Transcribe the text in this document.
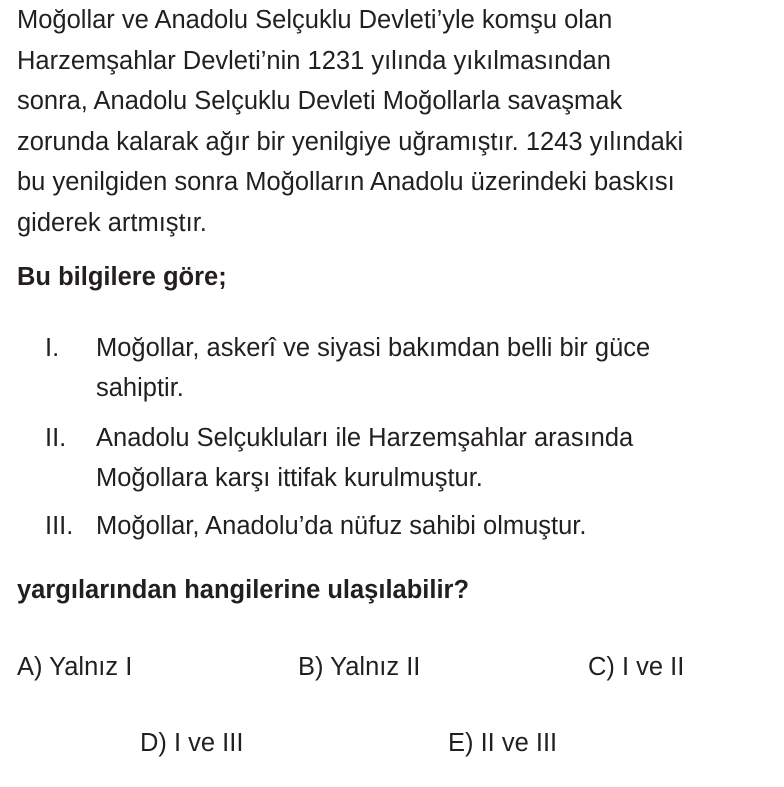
Moğollar ve Anadolu Selçuklu Devleti’yle komşu olan
Harzemşahlar Devleti’nin 1231 yılında yıkılmasından
sonra, Anadolu Selçuklu Devleti Moğollarla savaşmak
zorunda kalarak ağır bir yenilgiye uğramıştır. 1243 yılındaki
bu yenilgiden sonra Moğolların Anadolu üzerindeki baskısı
giderek artmıştır.

Bu bilgilere göre;

I. Moğollar, askerî ve siyasi bakımdan belli bir güce
sahiptir.
II. Anadolu Selçukluları ile Harzemşahlar arasında
Moğollara karşı ittifak kurulmuştur.
III. Moğollar, Anadolu’da nüfuz sahibi olmuştur.

yargılarından hangilerine ulaşılabilir?

A) Yalnız I	B) Yalnız II	C) I ve II
D) I ve III	E) II ve III
